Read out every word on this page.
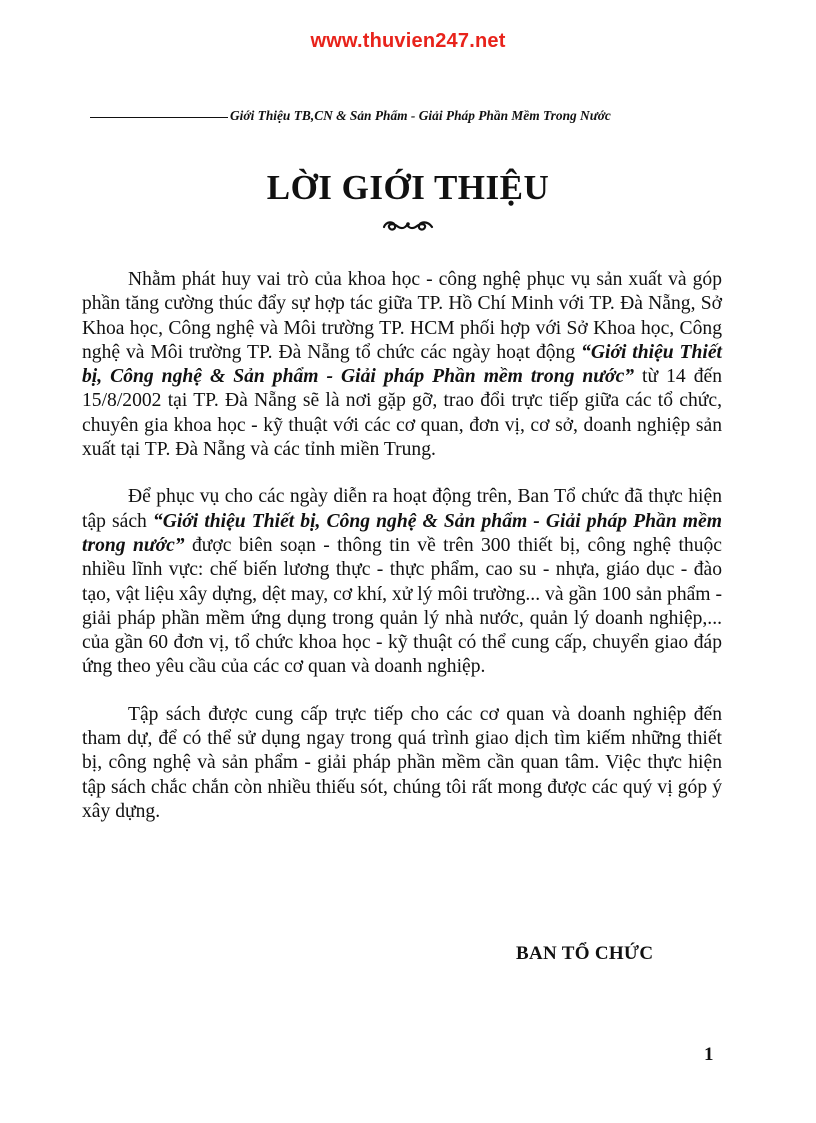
www.thuvien247.net
Giới Thiệu TB,CN & Sản Phẩm - Giải Pháp Phần Mềm Trong Nước
LỜI GIỚI THIỆU

Nhằm phát huy vai trò của khoa học - công nghệ phục vụ sản xuất và góp phần tăng cường thúc đẩy sự hợp tác giữa TP. Hồ Chí Minh với TP. Đà Nẵng, Sở Khoa học, Công nghệ và Môi trường TP. HCM phối hợp với Sở Khoa học, Công nghệ và Môi trường TP. Đà Nẵng tổ chức các ngày hoạt động “Giới thiệu Thiết bị, Công nghệ & Sản phẩm - Giải pháp Phần mềm trong nước” từ 14 đến 15/8/2002 tại TP. Đà Nẵng sẽ là nơi gặp gỡ, trao đổi trực tiếp giữa các tổ chức, chuyên gia khoa học - kỹ thuật với các cơ quan, đơn vị, cơ sở, doanh nghiệp sản xuất tại TP. Đà Nẵng và các tỉnh miền Trung.

Để phục vụ cho các ngày diễn ra hoạt động trên, Ban Tổ chức đã thực hiện tập sách “Giới thiệu Thiết bị, Công nghệ & Sản phẩm - Giải pháp Phần mềm trong nước” được biên soạn - thông tin về trên 300 thiết bị, công nghệ thuộc nhiều lĩnh vực: chế biến lương thực - thực phẩm, cao su - nhựa, giáo dục - đào tạo, vật liệu xây dựng, dệt may, cơ khí, xử lý môi trường... và gần 100 sản phẩm - giải pháp phần mềm ứng dụng trong quản lý nhà nước, quản lý doanh nghiệp,... của gần 60 đơn vị, tổ chức khoa học - kỹ thuật có thể cung cấp, chuyển giao đáp ứng theo yêu cầu của các cơ quan và doanh nghiệp.

Tập sách được cung cấp trực tiếp cho các cơ quan và doanh nghiệp đến tham dự, để có thể sử dụng ngay trong quá trình giao dịch tìm kiếm những thiết bị, công nghệ và sản phẩm - giải pháp phần mềm cần quan tâm. Việc thực hiện tập sách chắc chắn còn nhiều thiếu sót, chúng tôi rất mong được các quý vị góp ý xây dựng.

BAN TỔ CHỨC
1
